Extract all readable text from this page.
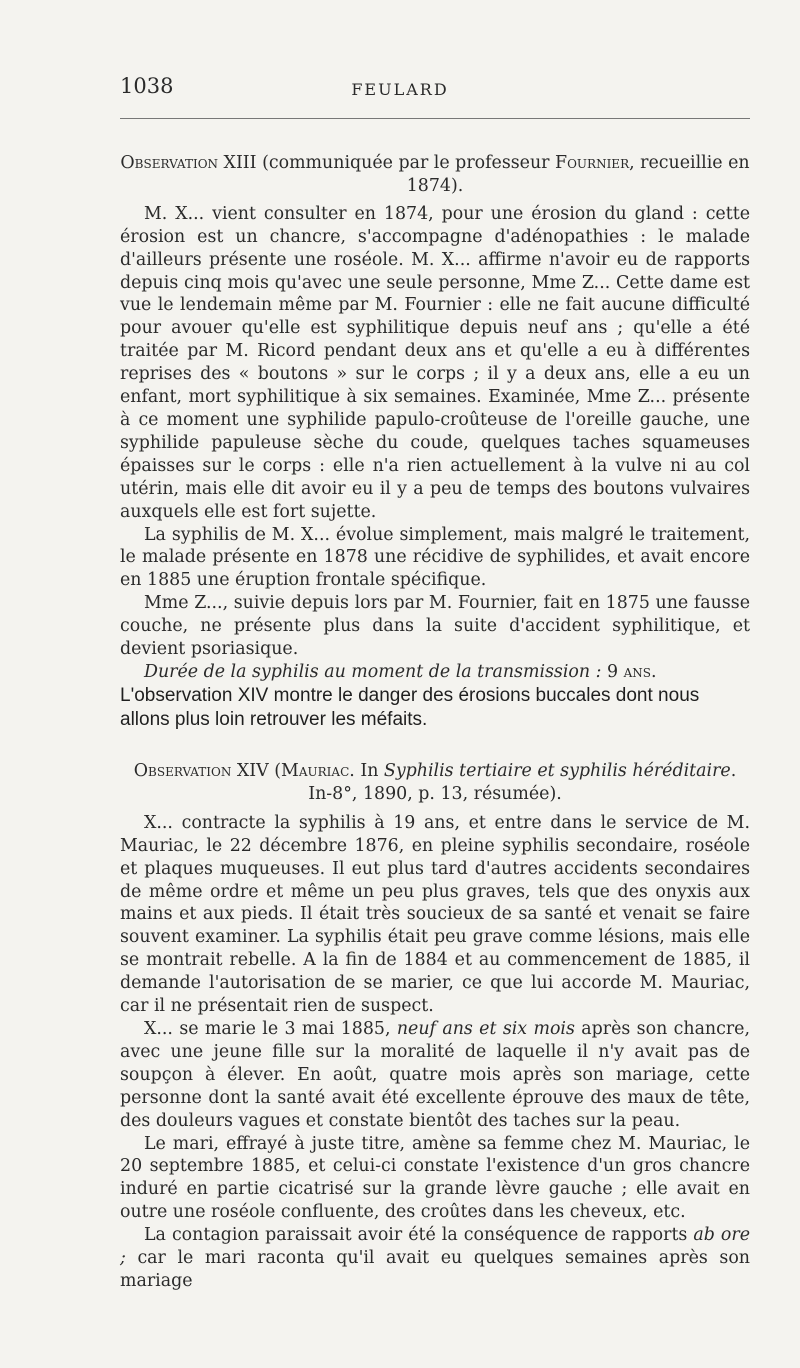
1038	FEULARD

Observation XIII (communiquée par le professeur Fournier, recueillie en 1874).

M. X... vient consulter en 1874, pour une érosion du gland : cette érosion est un chancre, s'accompagne d'adénopathies : le malade d'ailleurs présente une roséole. M. X... affirme n'avoir eu de rapports depuis cinq mois qu'avec une seule personne, Mme Z... Cette dame est vue le lendemain même par M. Fournier : elle ne fait aucune difficulté pour avouer qu'elle est syphilitique depuis neuf ans ; qu'elle a été traitée par M. Ricord pendant deux ans et qu'elle a eu à différentes reprises des « boutons » sur le corps ; il y a deux ans, elle a eu un enfant, mort syphilitique à six semaines. Examinée, Mme Z... présente à ce moment une syphilide papulo-croûteuse de l'oreille gauche, une syphilide papuleuse sèche du coude, quelques taches squameuses épaisses sur le corps : elle n'a rien actuellement à la vulve ni au col utérin, mais elle dit avoir eu il y a peu de temps des boutons vulvaires auxquels elle est fort sujette.

La syphilis de M. X... évolue simplement, mais malgré le traitement, le malade présente en 1878 une récidive de syphilides, et avait encore en 1885 une éruption frontale spécifique.

Mme Z..., suivie depuis lors par M. Fournier, fait en 1875 une fausse couche, ne présente plus dans la suite d'accident syphilitique, et devient psoriasique.

Durée de la syphilis au moment de la transmission : 9 ans.

L'observation XIV montre le danger des érosions buccales dont nous allons plus loin retrouver les méfaits.

Observation XIV (Mauriac. In Syphilis tertiaire et syphilis héréditaire. In-8°, 1890, p. 13, résumée).

X... contracte la syphilis à 19 ans, et entre dans le service de M. Mauriac, le 22 décembre 1876, en pleine syphilis secondaire, roséole et plaques muqueuses. Il eut plus tard d'autres accidents secondaires de même ordre et même un peu plus graves, tels que des onyxis aux mains et aux pieds. Il était très soucieux de sa santé et venait se faire souvent examiner. La syphilis était peu grave comme lésions, mais elle se montrait rebelle. A la fin de 1884 et au commencement de 1885, il demande l'autorisation de se marier, ce que lui accorde M. Mauriac, car il ne présentait rien de suspect.

X... se marie le 3 mai 1885, neuf ans et six mois après son chancre, avec une jeune fille sur la moralité de laquelle il n'y avait pas de soupçon à élever. En août, quatre mois après son mariage, cette personne dont la santé avait été excellente éprouve des maux de tête, des douleurs vagues et constate bientôt des taches sur la peau.

Le mari, effrayé à juste titre, amène sa femme chez M. Mauriac, le 20 septembre 1885, et celui-ci constate l'existence d'un gros chancre induré en partie cicatrisé sur la grande lèvre gauche ; elle avait en outre une roséole confluente, des croûtes dans les cheveux, etc.

La contagion paraissait avoir été la conséquence de rapports ab ore ; car le mari raconta qu'il avait eu quelques semaines après son mariage
